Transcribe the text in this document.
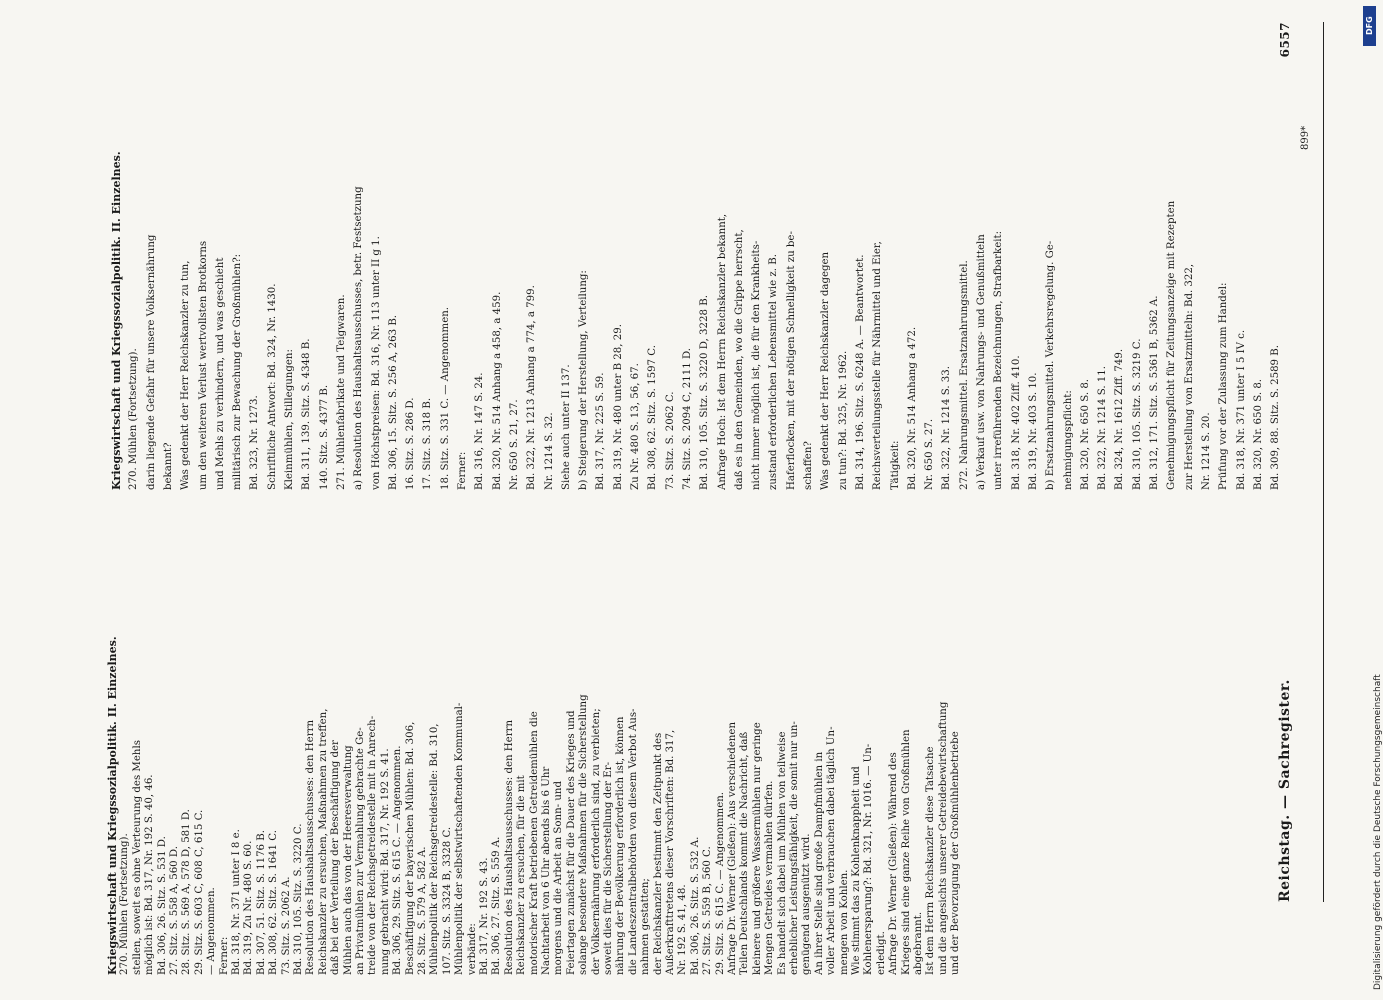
Reichstag. — Sachregister.
6557
Kriegswirtschaft und Kriegssozialpolitik. II. Einzelnes. 270. Mühlen (Fortsetzung). stellen, soweit es ohne Verteurung des Mehls möglich ist: Bd. 317, Nr. 192 S. 40, 46. Bd. 306, 26. Sitz. S. 531 D. 27. Sitz. S. 558 A, 560 D. 28. Sitz. S. 569 A, 578 D, 581 D. 29. Sitz. S. 603 C, 608 C, 615 C. — Angenommen. Ferner: Bd. 318, Nr. 371 unter I 8 e. Bd. 319, Zu Nr. 480 S. 60. Bd. 307, 51. Sitz. S. 1176 B. Bd. 308, 62. Sitz. S. 1641 C. 73. Sitz. S. 2062 A. Bd. 310, 105. Sitz. S. 3220 C. Resolution des Haushaltsausschusses: den Herrn Reichskanzler zu ersuchen, Maßnahmen zu treffen, daß bei der Verteilung der Beschäftigung der Mühlen auch das von der Heeresverwaltung an Privatmühlen zur Vermahlung gebrachte Ge- treide von der Reichsgetreidestelle mit in Anrech- nung gebracht wird: Bd. 317, Nr. 192 S. 41. Bd. 306, 29. Sitz. S. 615 C. — Angenommen. Beschäftigung der bayerischen Mühlen: Bd. 306, 28. Sitz. S. 579 A, 582 A. Mühlenpolitik der Reichsgetreidestelle: Bd. 310, 107. Sitz. S. 3324 B, 3328 C. Mühlenpolitik der selbstwirtschaftenden Kommunal- verbände: Bd. 317, Nr. 192 S. 43. Bd. 306, 27. Sitz. S. 559 A. Resolution des Haushaltsausschusses: den Herrn Reichskanzler zu ersuchen, für die mit motorischer Kraft betriebenen Getreidemühlen die Nachtarbeit von 6 Uhr abends bis 6 Uhr morgens und die Arbeit an Sonn- und Feiertagen zunächst für die Dauer des Krieges und solange besondere Maßnahmen für die Sicherstellung der Volksernährung erforderlich sind, zu verbieten; soweit dies für die Sicherstellung der Er- nährung der Bevölkerung erforderlich ist, können die Landeszentralbehörden von diesem Verbot Aus- nahmen gestatten; der Reichskanzler bestimmt den Zeitpunkt des Außerkrafttretens dieser Vorschriften: Bd. 317, Nr. 192 S. 41, 48. Bd. 306, 26. Sitz. S. 532 A. 27. Sitz. S. 559 B, 560 C. 29. Sitz. S. 615 C. — Angenommen. Anfrage Dr. Werner (Gießen): Aus verschiedenen Teilen Deutschlands kommt die Nachricht, daß kleinere und größere Wassermühlen nur geringe Mengen Getreides vermahlen dürfen. Es handelt sich dabei um Mühlen von teilweise erheblicher Leistungsfähigkeit, die somit nur un- genügend ausgenützt wird. An ihrer Stelle sind große Dampfmühlen in voller Arbeit und verbrauchen dabei täglich Un- mengen von Kohlen. Wie stimmt das zu Kohlenknappheit und Kohlenersparung?: Bd. 321, Nr. 1016. — Un- erledigt. Anfrage Dr. Werner (Gießen): Während des Krieges sind eine ganze Reihe von Großmühlen abgebrannt. Ist dem Herrn Reichskanzler diese Tatsache und die angesichts unserer Getreidebewirtschaftung und der Bevorzugung der Großmühlenbetriebe
Kriegswirtschaft und Kriegssozialpolitik. II. Einzelnes. 270. Mühlen (Fortsetzung). darin liegende Gefahr für unsere Volksernährung bekannt? Was gedenkt der Herr Reichskanzler zu tun, um den weiteren Verlust wertvollsten Brotkorns und Mehls zu verhindern, und was geschieht militärisch zur Bewachung der Großmühlen?: Bd. 323, Nr. 1273. Schriftliche Antwort: Bd. 324, Nr. 1430. Kleinmühlen, Stillegungen: Bd. 311, 139. Sitz. S. 4348 B. 140. Sitz. S. 4377 B. 271. Mühlenfabrikate und Teigwaren. a) Resolution des Haushaltsausschusses, betr. Festsetzung von Höchstpreisen: Bd. 316, Nr. 113 unter II g 1. Bd. 306, 15. Sitz. S. 256 A, 263 B. 16. Sitz. S. 286 D. 17. Sitz. S. 318 B. 18. Sitz. S. 331 C. — Angenommen. Ferner: Bd. 316, Nr. 147 S. 24. Bd. 320, Nr. 514 Anhang a 458, a 459. Nr. 650 S. 21, 27. Bd. 322, Nr. 1213 Anhang a 774, a 799. Nr. 1214 S. 32. Siehe auch unter II 137. b) Steigerung der Herstellung, Verteilung: Bd. 317, Nr. 225 S. 59. Bd. 319, Nr. 480 unter B 28, 29. Zu Nr. 480 S. 13, 56, 67. Bd. 308, 62. Sitz. S. 1597 C. 73. Sitz. S. 2062 C. 74. Sitz. S. 2094 C, 2111 D. Bd. 310, 105. Sitz. S. 3220 D, 3228 B. Anfrage Hoch: Ist dem Herrn Reichskanzler bekannt, daß es in den Gemeinden, wo die Grippe herrscht, nicht immer möglich ist, die für den Krankheits- zustand erforderlichen Lebensmittel wie z. B. Haferflocken, mit der nötigen Schnelligkeit zu be- schaffen? Was gedenkt der Herr Reichskanzler dagegen zu tun?: Bd. 325, Nr. 1962. Bd. 314, 196. Sitz. S. 6248 A. — Beantwortet. Reichsverteilungsstelle für Nährmittel und Eier, Tätigkeit: Bd. 320, Nr. 514 Anhang a 472. Nr. 650 S. 27. Bd. 322, Nr. 1214 S. 33. 272. Nahrungsmittel. Ersatznahrungsmittel. a) Verkauf usw. von Nahrungs- und Genußmitteln unter irreführenden Bezeichnungen, Strafbarkeit: Bd. 318, Nr. 402 Ziff. 410. Bd. 319, Nr. 403 S. 10. b) Ersatznahrungsmittel. Verkehrsregelung. Ge- nehmigungspflicht: Bd. 320, Nr. 650 S. 8. Bd. 322, Nr. 1214 S. 11. Bd. 324, Nr. 1612 Ziff. 749. Bd. 310, 105. Sitz. S. 3219 C. Bd. 312, 171. Sitz. S. 5361 B, 5362 A. Genehmigungspflicht für Zeitungsanzeige mit Rezepten zur Herstellung von Ersatzmitteln: Bd. 322, Nr. 1214 S. 20. Prüfung vor der Zulassung zum Handel: Bd. 318, Nr. 371 unter I 5 IV c. Bd. 320, Nr. 650 S. 8. Bd. 309, 88. Sitz. S. 2589 B.
899*
Digitalisierung gefördert durch die Deutsche Forschungsgemeinschaft
DFG
